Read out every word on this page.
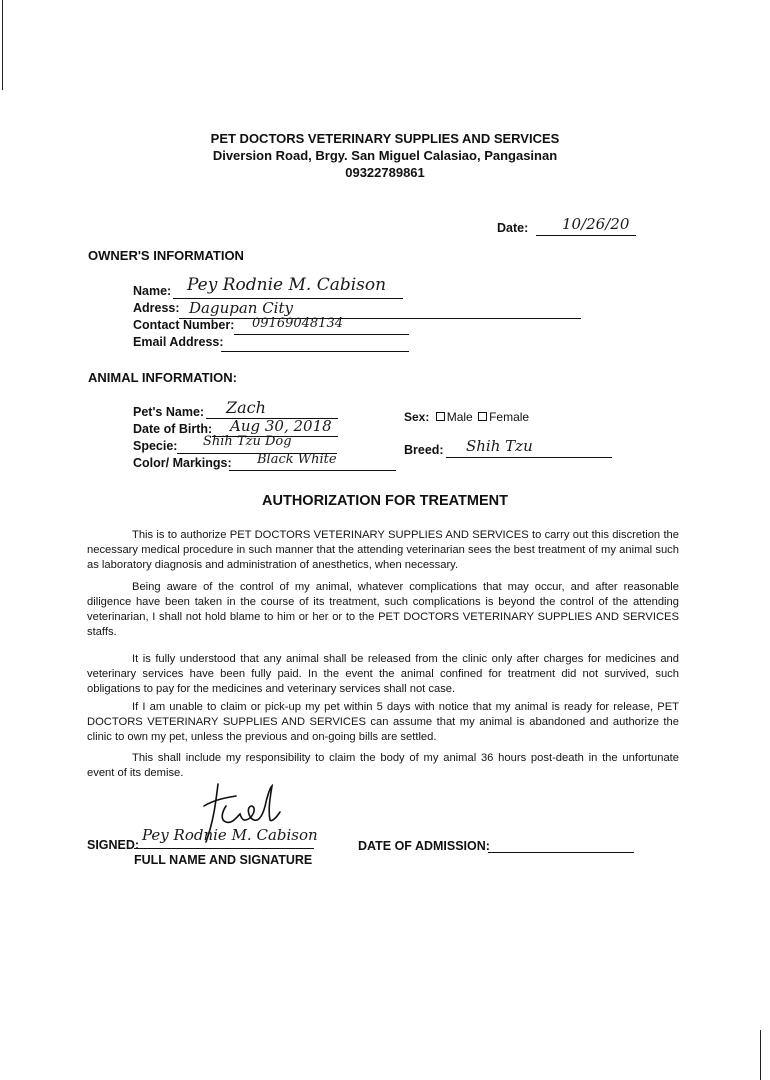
PET DOCTORS VETERINARY SUPPLIES AND SERVICES
Diversion Road, Brgy. San Miguel Calasiao, Pangasinan
09322789861
Date: 10/26/20
OWNER'S INFORMATION
Name: Pey Rodnie M. Cabison
Adress: Dagupan City
Contact Number: 09169048134
Email Address:
ANIMAL INFORMATION:
Pet's Name: Zach
Date of Birth: Aug 30, 2018
Specie: Shih Tzu Dog
Color/ Markings: Black White
Sex: Male Female
Breed: Shih Tzu
AUTHORIZATION FOR TREATMENT
This is to authorize PET DOCTORS VETERINARY SUPPLIES AND SERVICES to carry out this discretion the necessary medical procedure in such manner that the attending veterinarian sees the best treatment of my animal such as laboratory diagnosis and administration of anesthetics, when necessary.
Being aware of the control of my animal, whatever complications that may occur, and after reasonable diligence have been taken in the course of its treatment, such complications is beyond the control of the attending veterinarian, I shall not hold blame to him or her or to the PET DOCTORS VETERINARY SUPPLIES AND SERVICES staffs.
It is fully understood that any animal shall be released from the clinic only after charges for medicines and veterinary services have been fully paid. In the event the animal confined for treatment did not survived, such obligations to pay for the medicines and veterinary services shall not case.
If I am unable to claim or pick-up my pet within 5 days with notice that my animal is ready for release, PET DOCTORS VETERINARY SUPPLIES AND SERVICES can assume that my animal is abandoned and authorize the clinic to own my pet, unless the previous and on-going bills are settled.
This shall include my responsibility to claim the body of my animal 36 hours post-death in the unfortunate event of its demise.
SIGNED:
Pey Rodnie M. Cabison
FULL NAME AND SIGNATURE
DATE OF ADMISSION:
